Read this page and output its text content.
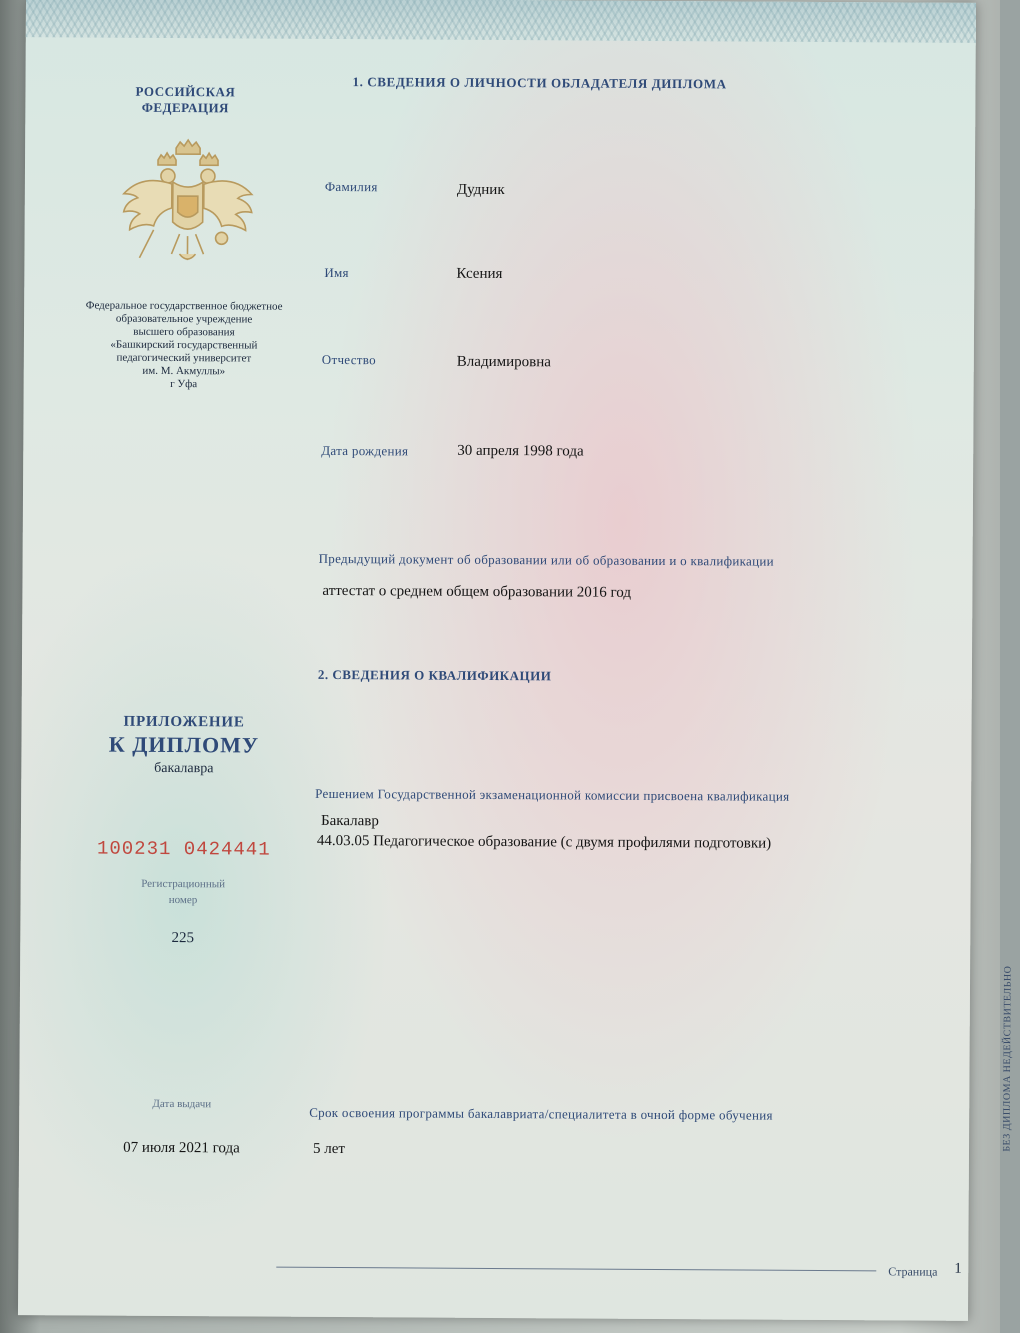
РОССИЙСКАЯ
ФЕДЕРАЦИЯ
Федеральное государственное бюджетное
образовательное учреждение
высшего образования
«Башкирский государственный
педагогический университет
им. М. Акмуллы»
г Уфа
ПРИЛОЖЕНИЕ
К ДИПЛОМУ
бакалавра
100231 0424441
Регистрационный
номер
225
Дата выдачи
07 июля 2021 года
1. СВЕДЕНИЯ О ЛИЧНОСТИ ОБЛАДАТЕЛЯ ДИПЛОМА
Фамилия	Дудник
Имя	Ксения
Отчество	Владимировна
Дата рождения	30 апреля 1998 года
Предыдущий документ об образовании или об образовании и о квалификации
аттестат о среднем общем образовании 2016 год
2. СВЕДЕНИЯ О КВАЛИФИКАЦИИ
Решением Государственной экзаменационной комиссии присвоена квалификация
Бакалавр
44.03.05 Педагогическое образование (с двумя профилями подготовки)
Срок освоения программы бакалавриата/специалитета в очной форме обучения
5 лет	БЕЗ ДИПЛОМА НЕДЕЙСТВИТЕЛЬНО
Страница 1
